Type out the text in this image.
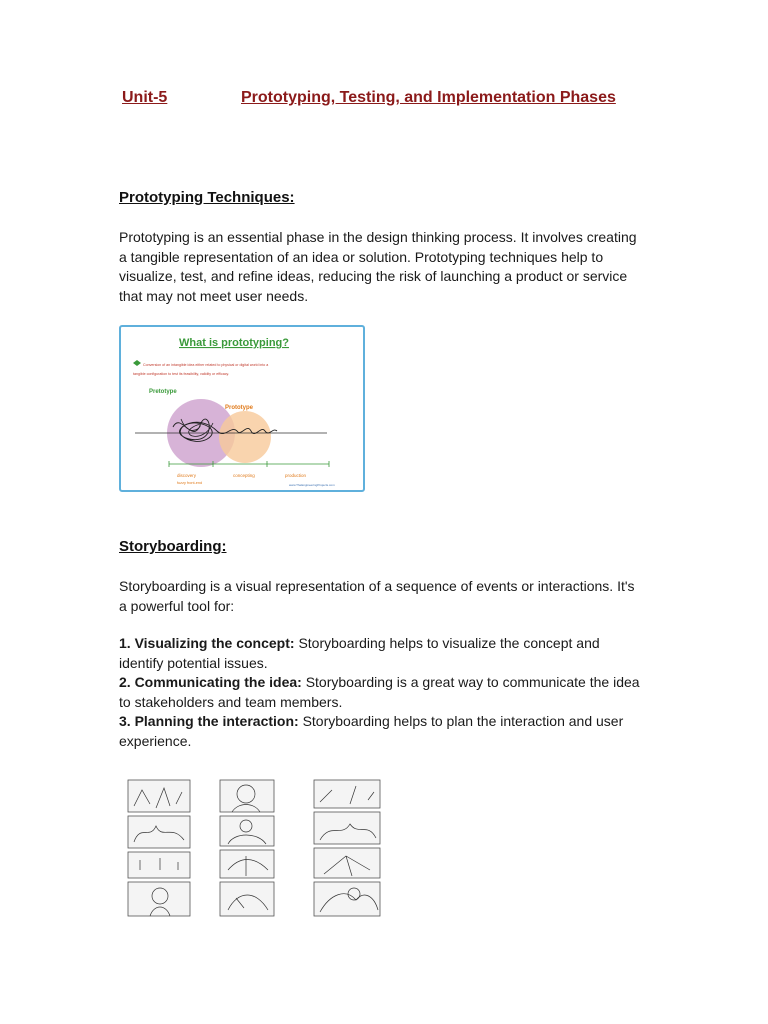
Unit-5	Prototyping, Testing, and Implementation Phases
Prototyping Techniques:
Prototyping is an essential phase in the design thinking process. It involves creating
a tangible representation of an idea or solution. Prototyping techniques help to
visualize, test, and refine ideas, reducing the risk of launching a product or service
that may not meet user needs.
What is prototyping?
Conversion of an intangible idea either related to physical or digital world into a
tangible configuration to test its feasibility, validity or efficacy.
Pretotype
Prototype
discovery
fuzzy front-end
concepting	production
www.TheEngineeringProjects.com
Storyboarding:
Storyboarding is a visual representation of a sequence of events or interactions. It's
a powerful tool for:
1. Visualizing the concept: Storyboarding helps to visualize the concept and
identify potential issues.
2. Communicating the idea: Storyboarding is a great way to communicate the idea
to stakeholders and team members.
3. Planning the interaction: Storyboarding helps to plan the interaction and user
experience.
